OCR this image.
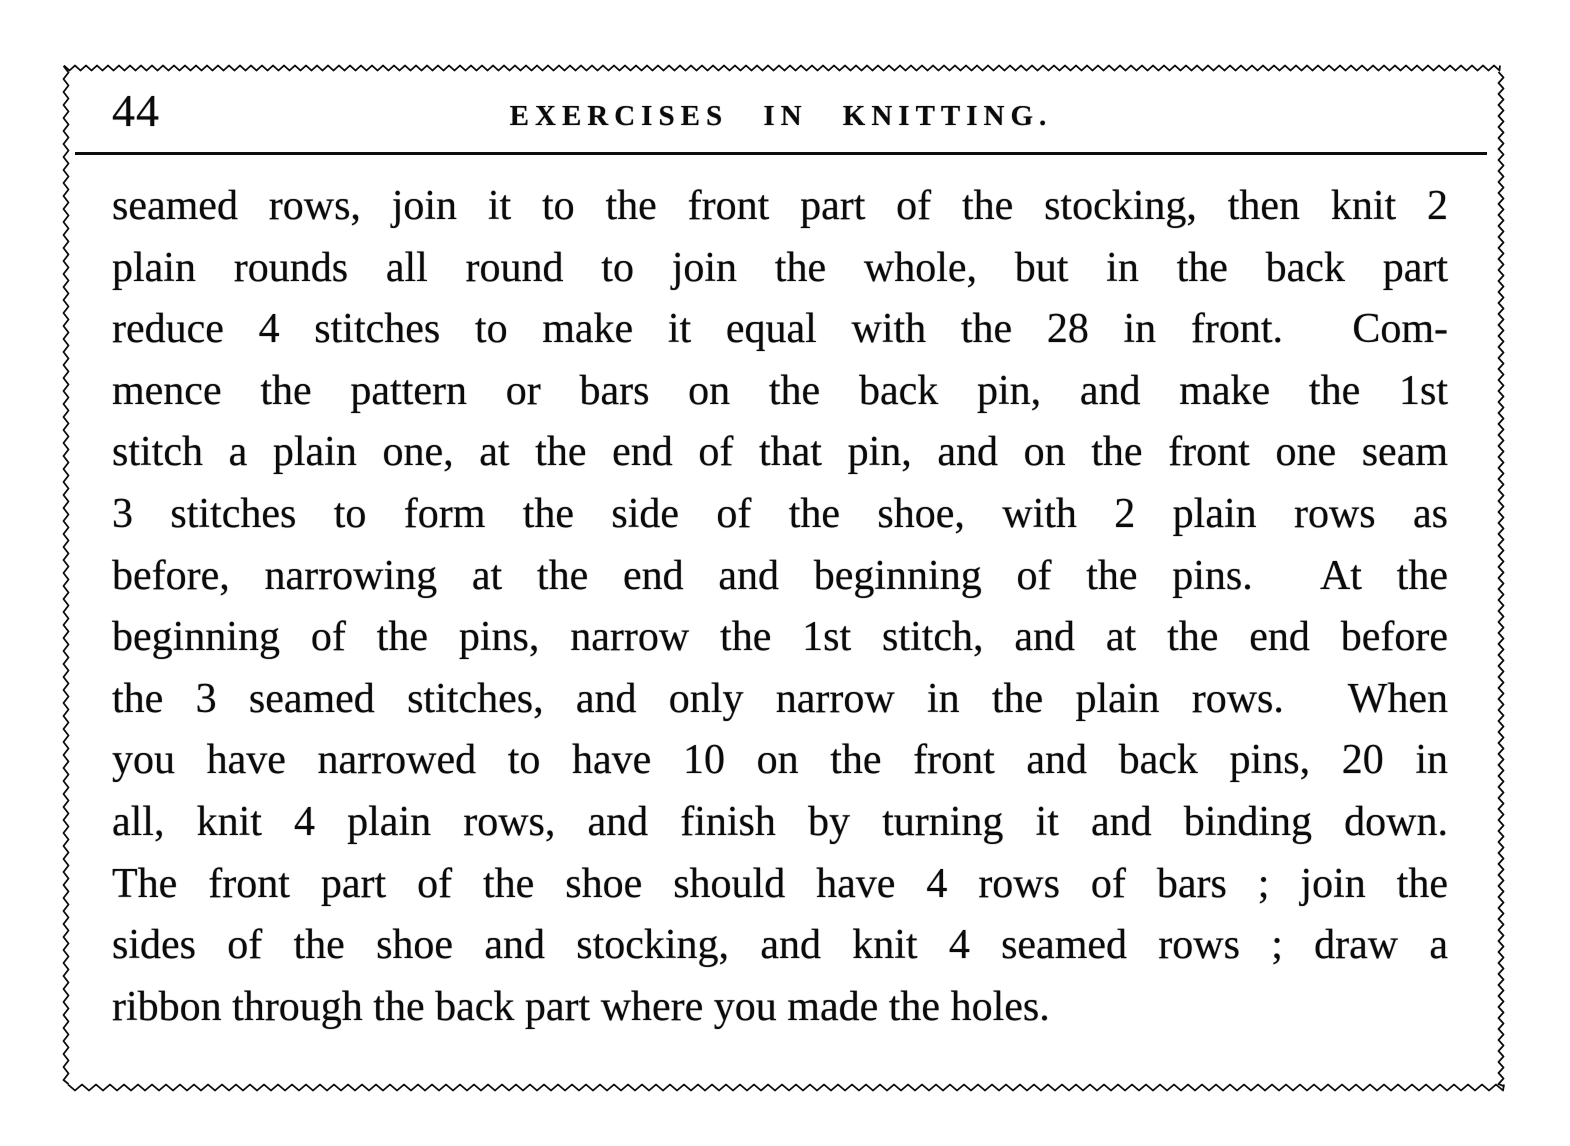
44	EXERCISES IN KNITTING.
seamed rows, join it to the front part of the stocking, then knit 2
plain rounds all round to join the whole, but in the back part
reduce 4 stitches to make it equal with the 28 in front.  Com-
mence the pattern or bars on the back pin, and make the 1st
stitch a plain one, at the end of that pin, and on the front one seam
3 stitches to form the side of the shoe, with 2 plain rows as
before, narrowing at the end and beginning of the pins.  At the
beginning of the pins, narrow the 1st stitch, and at the end before
the 3 seamed stitches, and only narrow in the plain rows.  When
you have narrowed to have 10 on the front and back pins, 20 in
all, knit 4 plain rows, and finish by turning it and binding down.
The front part of the shoe should have 4 rows of bars ; join the
sides of the shoe and stocking, and knit 4 seamed rows ; draw a
ribbon through the back part where you made the holes.
